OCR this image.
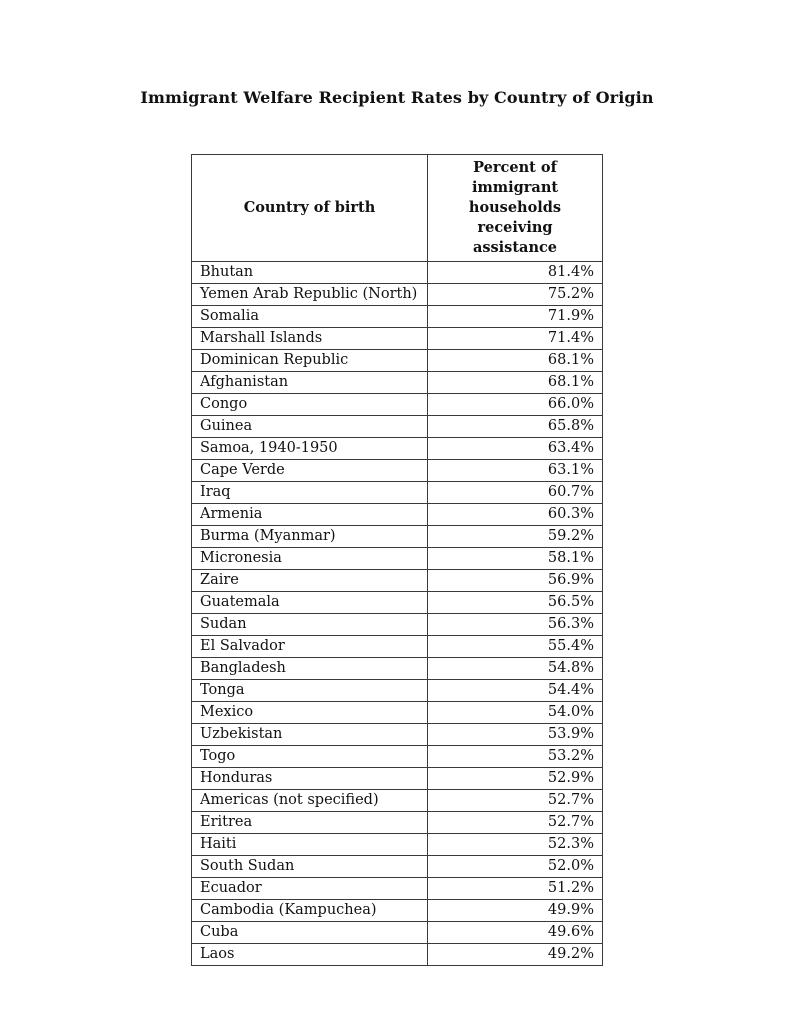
Immigrant Welfare Recipient Rates by Country of Origin
Country of birth	Percent of immigrant households receiving assistance
Bhutan	81.4%
Yemen Arab Republic (North)	75.2%
Somalia	71.9%
Marshall Islands	71.4%
Dominican Republic	68.1%
Afghanistan	68.1%
Congo	66.0%
Guinea	65.8%
Samoa, 1940-1950	63.4%
Cape Verde	63.1%
Iraq	60.7%
Armenia	60.3%
Burma (Myanmar)	59.2%
Micronesia	58.1%
Zaire	56.9%
Guatemala	56.5%
Sudan	56.3%
El Salvador	55.4%
Bangladesh	54.8%
Tonga	54.4%
Mexico	54.0%
Uzbekistan	53.9%
Togo	53.2%
Honduras	52.9%
Americas (not specified)	52.7%
Eritrea	52.7%
Haiti	52.3%
South Sudan	52.0%
Ecuador	51.2%
Cambodia (Kampuchea)	49.9%
Cuba	49.6%
Laos	49.2%
